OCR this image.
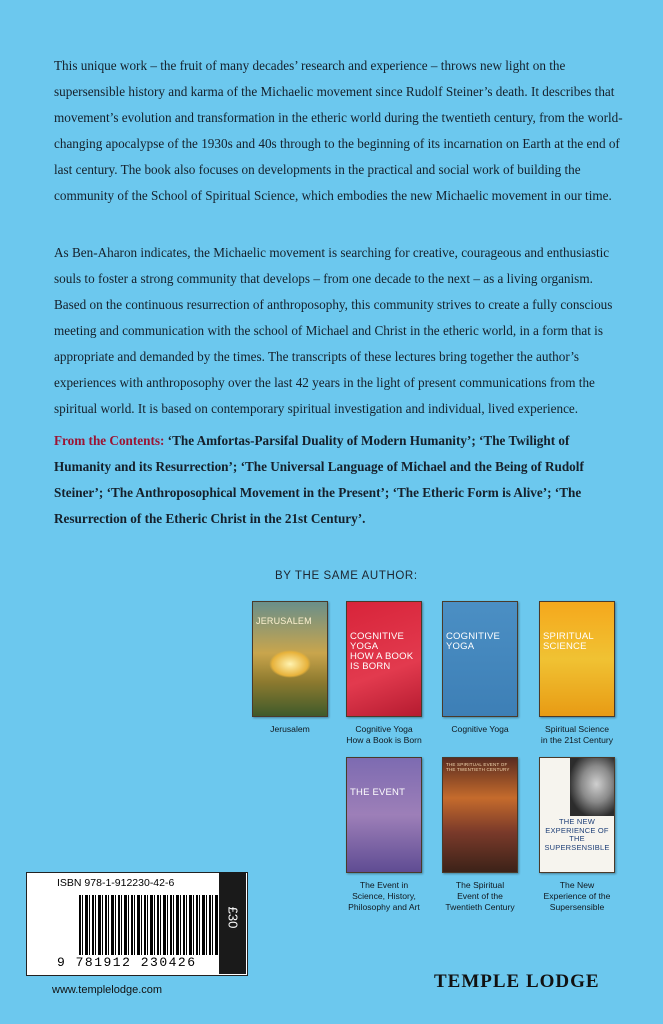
This unique work – the fruit of many decades’ research and experience – throws new light on the supersensible history and karma of the Michaelic movement since Rudolf Steiner’s death. It describes that movement’s evolution and transformation in the etheric world during the twentieth century, from the world-changing apocalypse of the 1930s and 40s through to the beginning of its incarnation on Earth at the end of last century. The book also focuses on developments in the practical and social work of building the community of the School of Spiritual Science, which embodies the new Michaelic movement in our time.
As Ben-Aharon indicates, the Michaelic movement is searching for creative, courageous and enthusiastic souls to foster a strong community that develops – from one decade to the next – as a living organism. Based on the continuous resurrection of anthroposophy, this community strives to create a fully conscious meeting and communication with the school of Michael and Christ in the etheric world, in a form that is appropriate and demanded by the times. The transcripts of these lectures bring together the author’s experiences with anthroposophy over the last 42 years in the light of present communications from the spiritual world. It is based on contemporary spiritual investigation and individual, lived experience.
From the Contents: ‘The Amfortas-Parsifal Duality of Modern Humanity’; ‘The Twilight of Humanity and its Resurrection’; ‘The Universal Language of Michael and the Being of Rudolf Steiner’; ‘The Anthroposophical Movement in the Present’; ‘The Etheric Form is Alive’; ‘The Resurrection of the Etheric Christ in the 21st Century’.
BY THE SAME AUTHOR:
JERUSALEM
Jerusalem
COGNITIVE YOGA
HOW A BOOK IS BORN
Cognitive Yoga
How a Book is Born
COGNITIVE YOGA
Cognitive Yoga
SPIRITUAL SCIENCE
Spiritual Science
in the 21st Century
THE EVENT
The Event in
Science, History,
Philosophy and Art
THE SPIRITUAL EVENT OF THE TWENTIETH CENTURY
The Spiritual
Event of the
Twentieth Century
THE NEW EXPERIENCE OF THE SUPERSENSIBLE
The New
Experience of the
Supersensible
ISBN 978-1-912230-42-6
9 781912 230426
£30
www.templelodge.com	TEMPLE LODGE
